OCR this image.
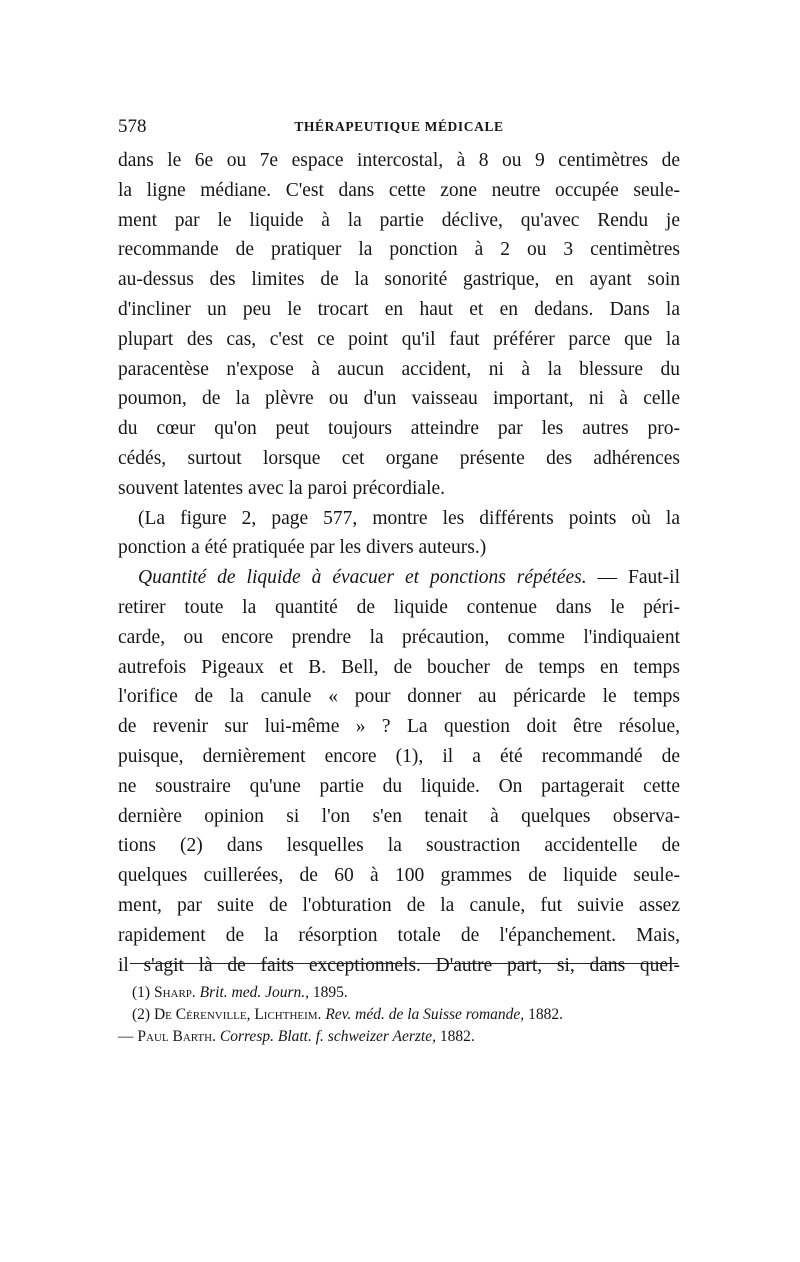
578	THÉRAPEUTIQUE MÉDICALE
dans le 6e ou 7e espace intercostal, à 8 ou 9 centimètres de
la ligne médiane. C'est dans cette zone neutre occupée seule-
ment par le liquide à la partie déclive, qu'avec Rendu je
recommande de pratiquer la ponction à 2 ou 3 centimètres
au-dessus des limites de la sonorité gastrique, en ayant soin
d'incliner un peu le trocart en haut et en dedans. Dans la
plupart des cas, c'est ce point qu'il faut préférer parce que la
paracentèse n'expose à aucun accident, ni à la blessure du
poumon, de la plèvre ou d'un vaisseau important, ni à celle
du cœur qu'on peut toujours atteindre par les autres pro-
cédés, surtout lorsque cet organe présente des adhérences
souvent latentes avec la paroi précordiale.
(La figure 2, page 577, montre les différents points où la
ponction a été pratiquée par les divers auteurs.)
Quantité de liquide à évacuer et ponctions répétées. — Faut-il
retirer toute la quantité de liquide contenue dans le péri-
carde, ou encore prendre la précaution, comme l'indiquaient
autrefois Pigeaux et B. Bell, de boucher de temps en temps
l'orifice de la canule « pour donner au péricarde le temps
de revenir sur lui-même » ? La question doit être résolue,
puisque, dernièrement encore (1), il a été recommandé de
ne soustraire qu'une partie du liquide. On partagerait cette
dernière opinion si l'on s'en tenait à quelques observa-
tions (2) dans lesquelles la soustraction accidentelle de
quelques cuillerées, de 60 à 100 grammes de liquide seule-
ment, par suite de l'obturation de la canule, fut suivie assez
rapidement de la résorption totale de l'épanchement. Mais,
il s'agit là de faits exceptionnels. D'autre part, si, dans quel-
(1) Sharp. Brit. med. Journ., 1895.
(2) De Cérenville, Lichtheim. Rev. méd. de la Suisse romande, 1882.
— Paul Barth. Corresp. Blatt. f. schweizer Aerzte, 1882.
